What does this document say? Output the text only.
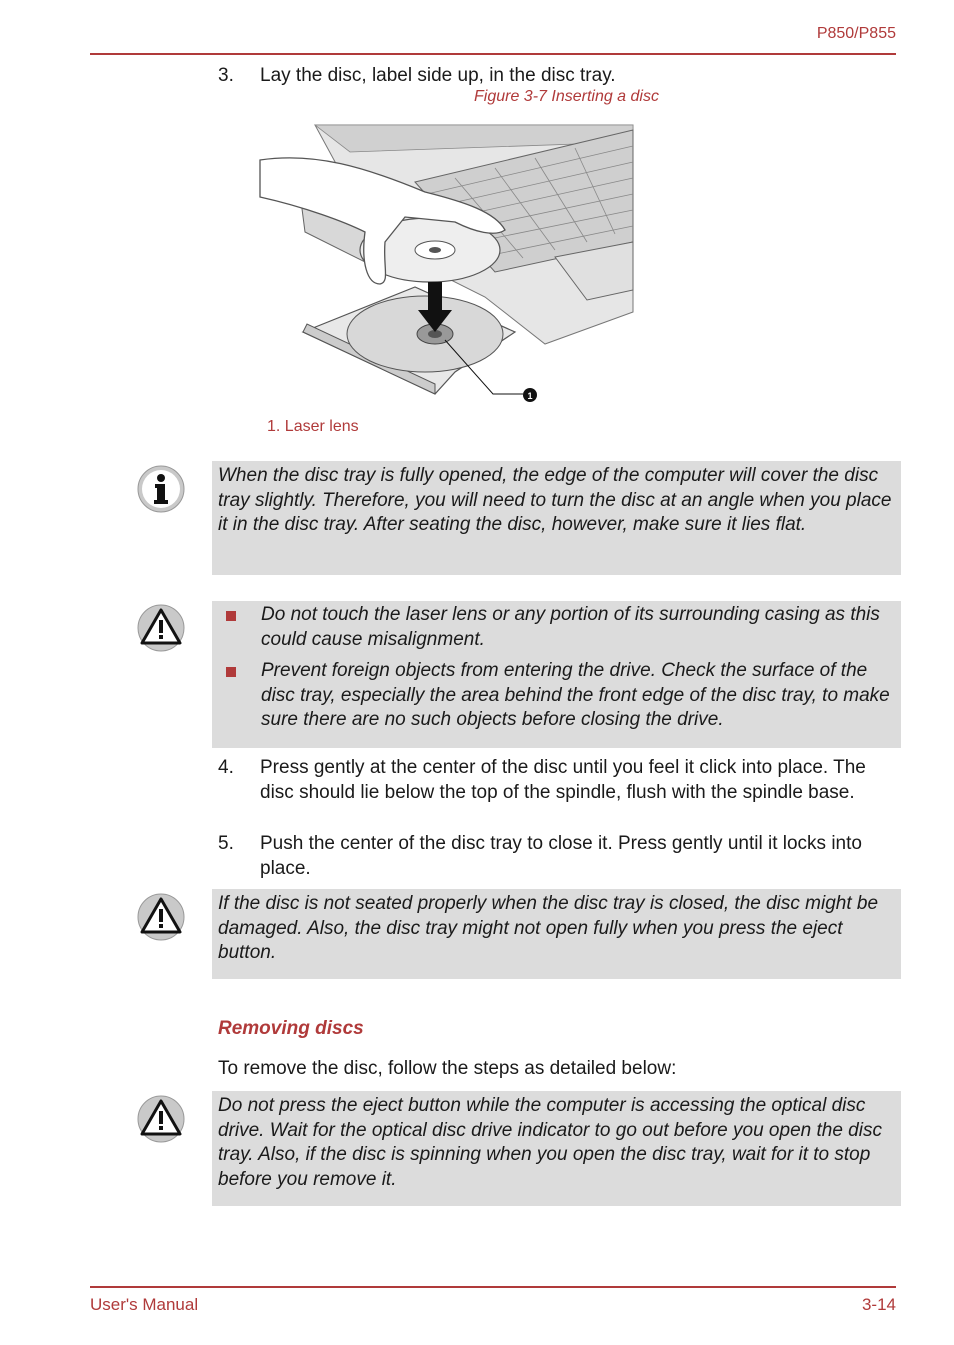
P850/P855
3. Lay the disc, label side up, in the disc tray.
Figure 3-7 Inserting a disc
1
1. Laser lens
When the disc tray is fully opened, the edge of the computer will cover the disc tray slightly. Therefore, you will need to turn the disc at an angle when you place it in the disc tray. After seating the disc, however, make sure it lies flat.
Do not touch the laser lens or any portion of its surrounding casing as this could cause misalignment.
Prevent foreign objects from entering the drive. Check the surface of the disc tray, especially the area behind the front edge of the disc tray, to make sure there are no such objects before closing the drive.
4. Press gently at the center of the disc until you feel it click into place. The disc should lie below the top of the spindle, flush with the spindle base.
5. Push the center of the disc tray to close it. Press gently until it locks into place.
If the disc is not seated properly when the disc tray is closed, the disc might be damaged. Also, the disc tray might not open fully when you press the eject button.
Removing discs
To remove the disc, follow the steps as detailed below:
Do not press the eject button while the computer is accessing the optical disc drive. Wait for the optical disc drive indicator to go out before you open the disc tray. Also, if the disc is spinning when you open the disc tray, wait for it to stop before you remove it.
User's Manual	3-14
